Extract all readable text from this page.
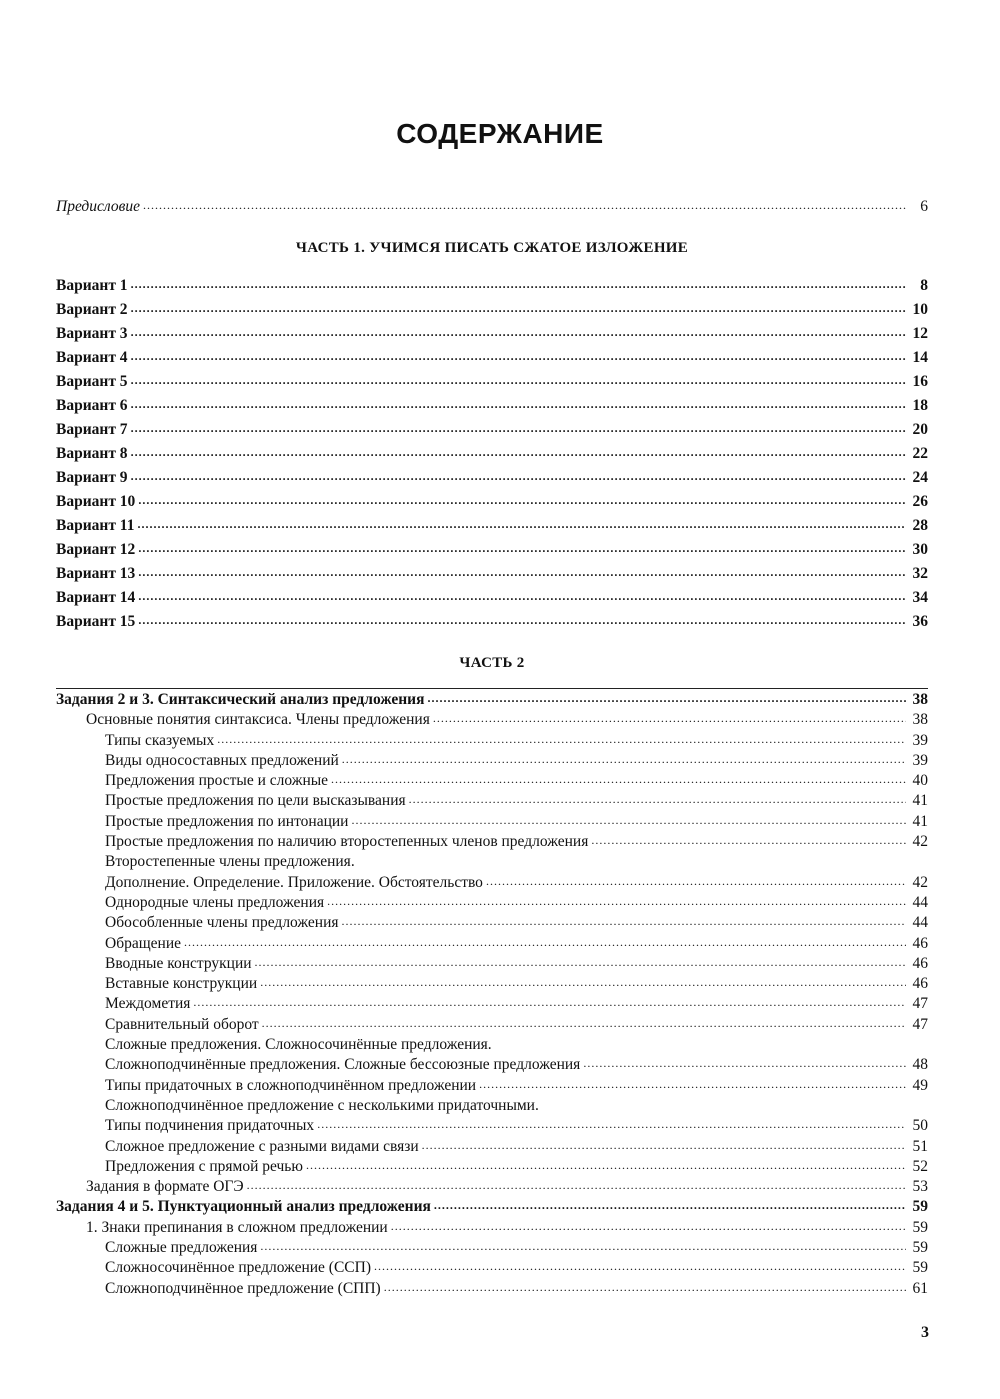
СОДЕРЖАНИЕ
Предисловие .....	6
ЧАСТЬ 1. УЧИМСЯ ПИСАТЬ СЖАТОЕ ИЗЛОЖЕНИЕ
Вариант 1 .....	8
Вариант 2 .....	10
Вариант 3 .....	12
Вариант 4 .....	14
Вариант 5 .....	16
Вариант 6 .....	18
Вариант 7 .....	20
Вариант 8 .....	22
Вариант 9 .....	24
Вариант 10 .....	26
Вариант 11 .....	28
Вариант 12 .....	30
Вариант 13 .....	32
Вариант 14 .....	34
Вариант 15 .....	36
ЧАСТЬ 2
Задания 2 и 3. Синтаксический анализ предложения .....	38
Основные понятия синтаксиса. Члены предложения .....	38
Типы сказуемых .....	39
Виды односоставных предложений .....	39
Предложения простые и сложные .....	40
Простые предложения по цели высказывания .....	41
Простые предложения по интонации .....	41
Простые предложения по наличию второстепенных членов предложения .....	42
Второстепенные члены предложения.
Дополнение. Определение. Приложение. Обстоятельство .....	42
Однородные члены предложения .....	44
Обособленные члены предложения .....	44
Обращение .....	46
Вводные конструкции .....	46
Вставные конструкции .....	46
Междометия .....	47
Сравнительный оборот .....	47
Сложные предложения. Сложносочинённые предложения.
Сложноподчинённые предложения. Сложные бессоюзные предложения .....	48
Типы придаточных в сложноподчинённом предложении .....	49
Сложноподчинённое предложение с несколькими придаточными.
Типы подчинения придаточных .....	50
Сложное предложение с разными видами связи .....	51
Предложения с прямой речью .....	52
Задания в формате ОГЭ .....	53
Задания 4 и 5. Пунктуационный анализ предложения .....	59
1. Знаки препинания в сложном предложении .....	59
Сложные предложения .....	59
Сложносочинённое предложение (ССП) .....	59
Сложноподчинённое предложение (СПП) .....	61
3
